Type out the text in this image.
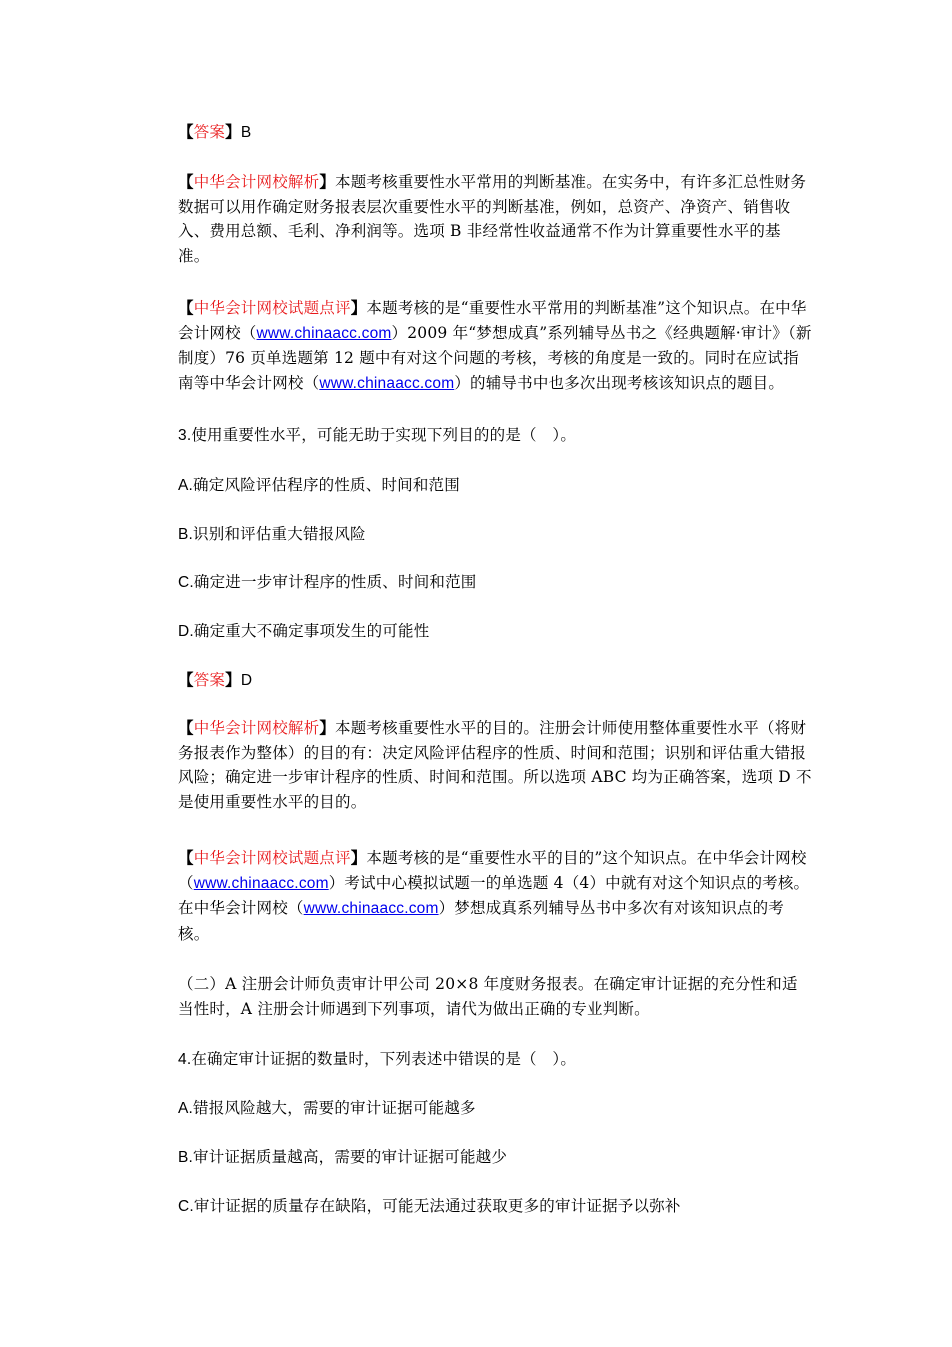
【答案】B

【中华会计网校解析】本题考核重要性水平常用的判断基准。在实务中，有许多汇总性财务数据可以用作确定财务报表层次重要性水平的判断基准，例如，总资产、净资产、销售收入、费用总额、毛利、净利润等。选项 B 非经常性收益通常不作为计算重要性水平的基准。

【中华会计网校试题点评】本题考核的是“重要性水平常用的判断基准”这个知识点。在中华会计网校（www.chinaacc.com）2009 年“梦想成真”系列辅导丛书之《经典题解·审计》（新制度）76 页单选题第 12 题中有对这个问题的考核，考核的角度是一致的。同时在应试指南等中华会计网校（www.chinaacc.com）的辅导书中也多次出现考核该知识点的题目。

3.使用重要性水平，可能无助于实现下列目的的是（　）。

A.确定风险评估程序的性质、时间和范围

B.识别和评估重大错报风险

C.确定进一步审计程序的性质、时间和范围

D.确定重大不确定事项发生的可能性

【答案】D

【中华会计网校解析】本题考核重要性水平的目的。注册会计师使用整体重要性水平（将财务报表作为整体）的目的有：决定风险评估程序的性质、时间和范围；识别和评估重大错报风险；确定进一步审计程序的性质、时间和范围。所以选项 ABC 均为正确答案，选项 D 不是使用重要性水平的目的。

【中华会计网校试题点评】本题考核的是“重要性水平的目的”这个知识点。在中华会计网校（www.chinaacc.com）考试中心模拟试题一的单选题 4（4）中就有对这个知识点的考核。在中华会计网校（www.chinaacc.com）梦想成真系列辅导丛书中多次有对该知识点的考核。

（二）A 注册会计师负责审计甲公司 20×8 年度财务报表。在确定审计证据的充分性和适当性时，A 注册会计师遇到下列事项，请代为做出正确的专业判断。

4.在确定审计证据的数量时，下列表述中错误的是（　）。

A.错报风险越大，需要的审计证据可能越多

B.审计证据质量越高，需要的审计证据可能越少

C.审计证据的质量存在缺陷，可能无法通过获取更多的审计证据予以弥补
